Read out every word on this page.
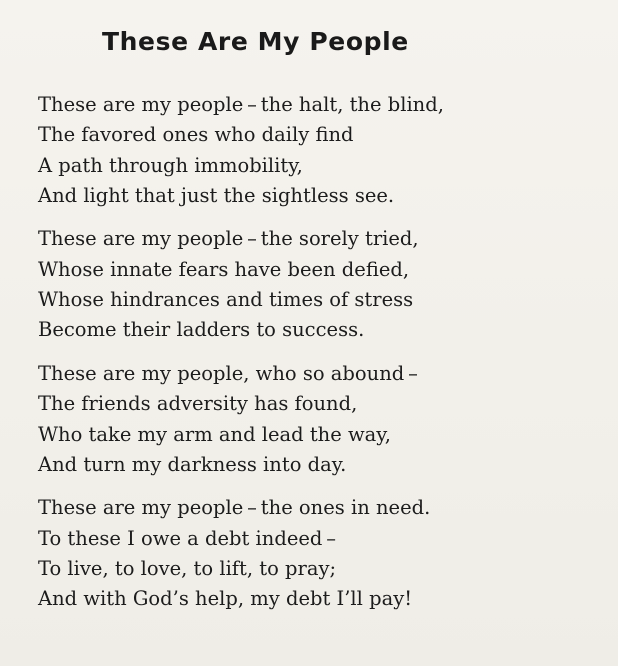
These Are My People
These are my people – the halt, the blind,
The favored ones who daily find
A path through immobility,
And light that just the sightless see.
These are my people – the sorely tried,
Whose innate fears have been defied,
Whose hindrances and times of stress
Become their ladders to success.
These are my people, who so abound –
The friends adversity has found,
Who take my arm and lead the way,
And turn my darkness into day.
These are my people – the ones in need.
To these I owe a debt indeed –
To live, to love, to lift, to pray;
And with God’s help, my debt I’ll pay!
